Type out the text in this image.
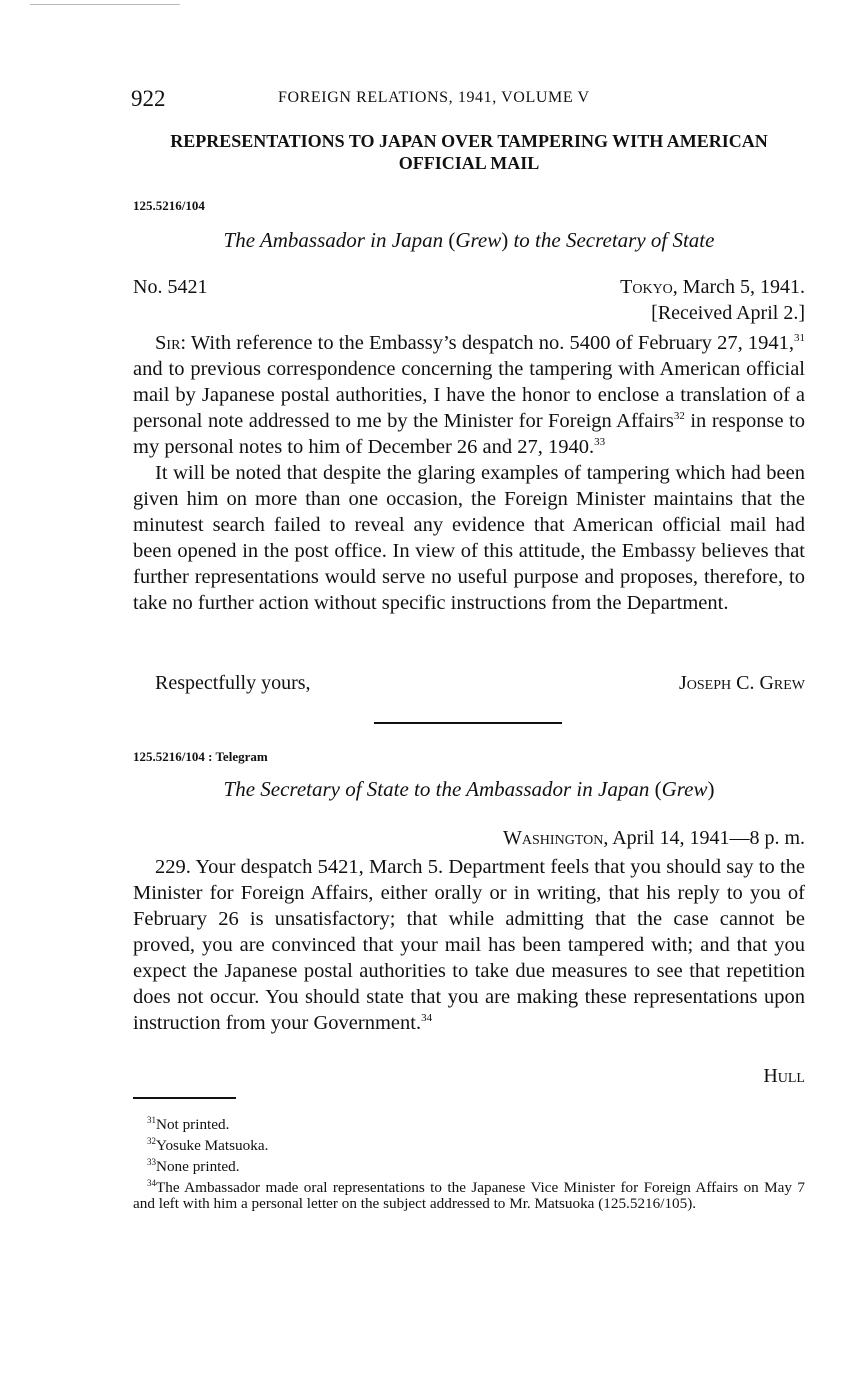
922	FOREIGN RELATIONS, 1941, VOLUME V
REPRESENTATIONS TO JAPAN OVER TAMPERING WITH AMERICAN OFFICIAL MAIL
125.5216/104
The Ambassador in Japan (Grew) to the Secretary of State
No. 5421	Tokyo, March 5, 1941.
[Received April 2.]

Sir: With reference to the Embassy’s despatch no. 5400 of February 27, 1941,31 and to previous correspondence concerning the tampering with American official mail by Japanese postal authorities, I have the honor to enclose a translation of a personal note addressed to me by the Minister for Foreign Affairs$^{32}$ in response to my personal notes to him of December 26 and 27, 1940.33

It will be noted that despite the glaring examples of tampering which had been given him on more than one occasion, the Foreign Minister maintains that the minutest search failed to reveal any evidence that American official mail had been opened in the post office. In view of this attitude, the Embassy believes that further representations would serve no useful purpose and proposes, therefore, to take no further action without specific instructions from the Department.

Respectfully yours,	Joseph C. Grew
125.5216/104 : Telegram
The Secretary of State to the Ambassador in Japan (Grew)
Washington, April 14, 1941—8 p. m.

229. Your despatch 5421, March 5. Department feels that you should say to the Minister for Foreign Affairs, either orally or in writing, that his reply to you of February 26 is unsatisfactory; that while admitting that the case cannot be proved, you are convinced that your mail has been tampered with; and that you expect the Japanese postal authorities to take due measures to see that repetition does not occur. You should state that you are making these representations upon instruction from your Government.$^{34}$

Hull
$^{31}$Not printed.
$^{32}$Yosuke Matsuoka.
$^{33}$None printed.
$^{34}$The Ambassador made oral representations to the Japanese Vice Minister for Foreign Affairs on May 7 and left with him a personal letter on the subject addressed to Mr. Matsuoka (125.5216/105).
